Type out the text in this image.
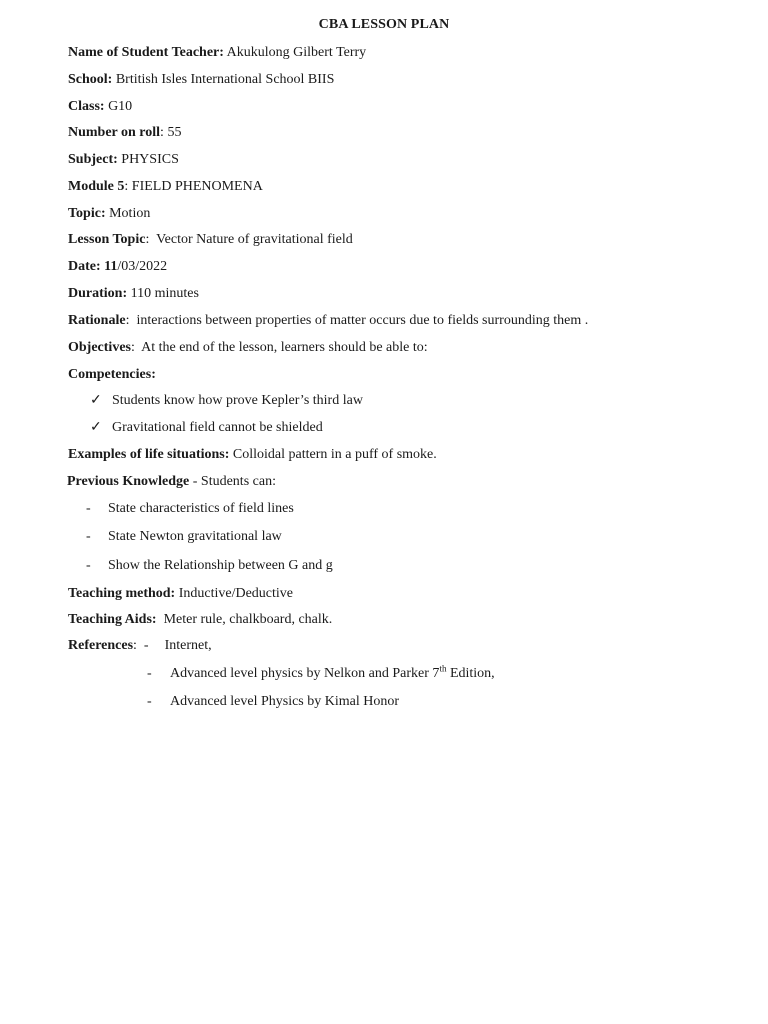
CBA LESSON PLAN
Name of Student Teacher: Akukulong Gilbert Terry
School: Brtitish Isles International School BIIS
Class: G10
Number on roll: 55
Subject: PHYSICS
Module 5: FIELD PHENOMENA
Topic: Motion
Lesson Topic:  Vector Nature of gravitational field
Date: 11/03/2022
Duration: 110 minutes
Rationale:  interactions between properties of matter occurs due to fields surrounding them .
Objectives:  At the end of the lesson, learners should be able to:
Competencies:
✓ Students know how prove Kepler’s third law
✓ Gravitational field cannot be shielded
Examples of life situations: Colloidal pattern in a puff of smoke.
Previous Knowledge - Students can:
- State characteristics of field lines
- State Newton gravitational law
- Show the Relationship between G and g
Teaching method: Inductive/Deductive
Teaching Aids:  Meter rule, chalkboard, chalk.
References:  - Internet,
- Advanced level physics by Nelkon and Parker 7th Edition,
- Advanced level Physics by Kimal Honor
